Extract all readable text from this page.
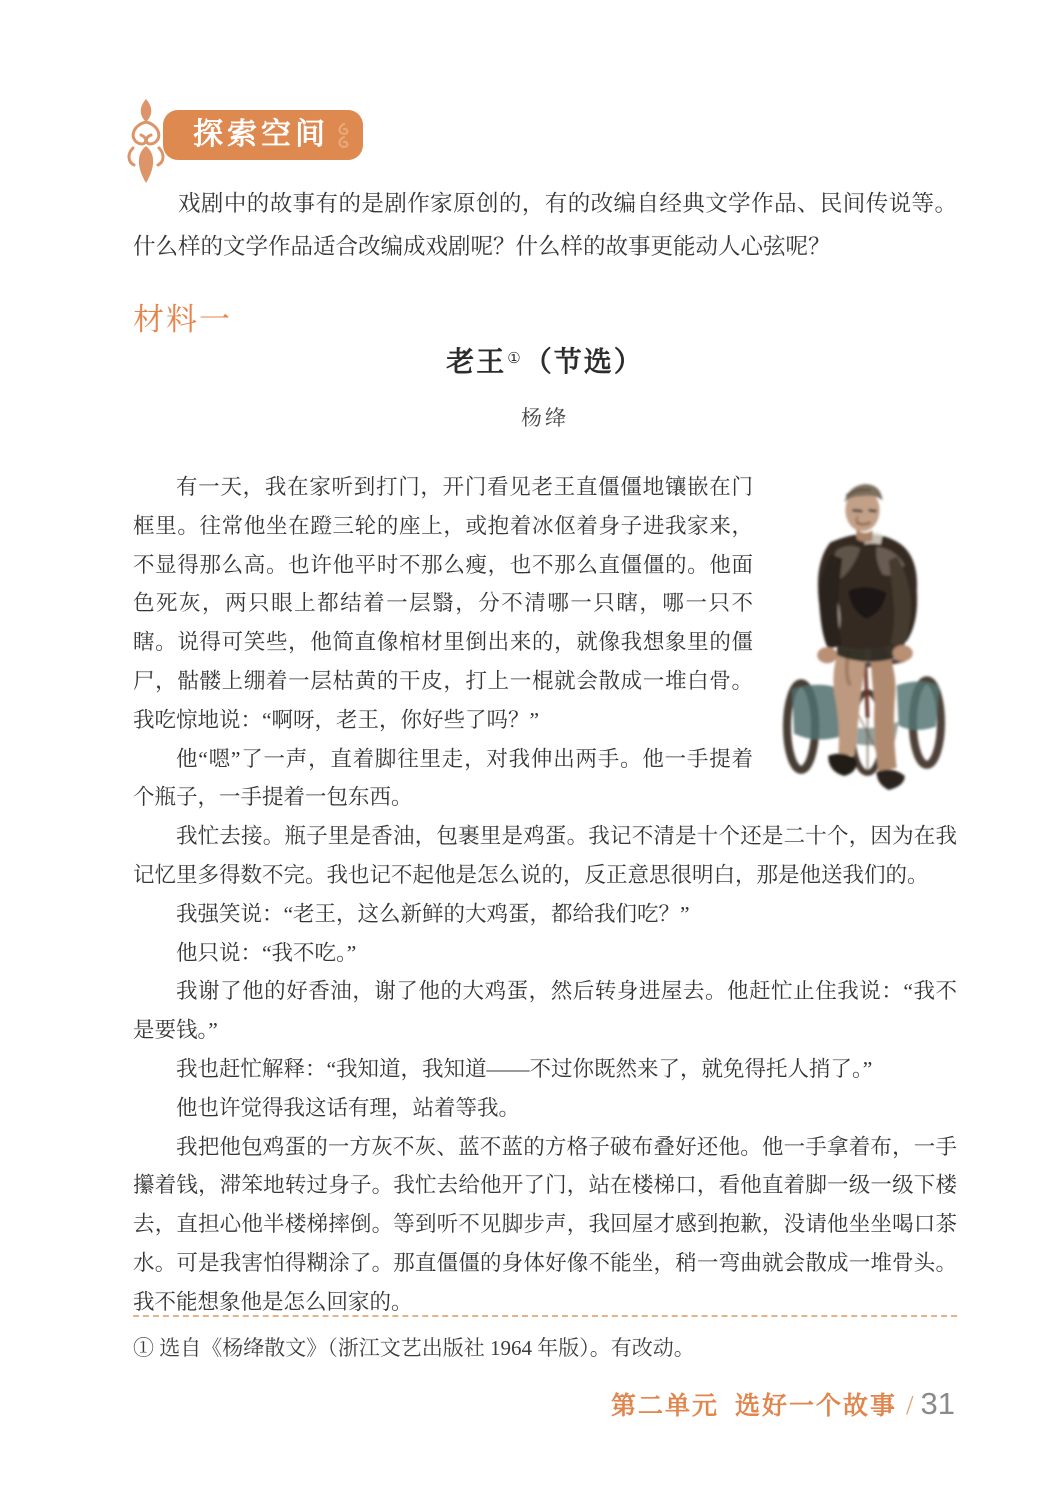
探索空间

戏剧中的故事有的是剧作家原创的，有的改编自经典文学作品、民间传说等。什么样的文学作品适合改编成戏剧呢？什么样的故事更能动人心弦呢？

材料一
老王①（节选）
杨绛

有一天，我在家听到打门，开门看见老王直僵僵地镶嵌在门框里。往常他坐在蹬三轮的座上，或抱着冰伛着身子进我家来，不显得那么高。也许他平时不那么瘦，也不那么直僵僵的。他面色死灰，两只眼上都结着一层翳，分不清哪一只瞎，哪一只不瞎。说得可笑些，他简直像棺材里倒出来的，就像我想象里的僵尸，骷髅上绷着一层枯黄的干皮，打上一棍就会散成一堆白骨。我吃惊地说：“啊呀，老王，你好些了吗？”

他“嗯”了一声，直着脚往里走，对我伸出两手。他一手提着个瓶子，一手提着一包东西。

我忙去接。瓶子里是香油，包裹里是鸡蛋。我记不清是十个还是二十个，因为在我记忆里多得数不完。我也记不起他是怎么说的，反正意思很明白，那是他送我们的。

我强笑说：“老王，这么新鲜的大鸡蛋，都给我们吃？”

他只说：“我不吃。”

我谢了他的好香油，谢了他的大鸡蛋，然后转身进屋去。他赶忙止住我说：“我不是要钱。”

我也赶忙解释：“我知道，我知道——不过你既然来了，就免得托人捎了。”

他也许觉得我这话有理，站着等我。

我把他包鸡蛋的一方灰不灰、蓝不蓝的方格子破布叠好还他。他一手拿着布，一手攥着钱，滞笨地转过身子。我忙去给他开了门，站在楼梯口，看他直着脚一级一级下楼去，直担心他半楼梯摔倒。等到听不见脚步声，我回屋才感到抱歉，没请他坐坐喝口茶水。可是我害怕得糊涂了。那直僵僵的身体好像不能坐，稍一弯曲就会散成一堆骨头。我不能想象他是怎么回家的。

① 选自《杨绛散文》（浙江文艺出版社 1964 年版）。有改动。
第二单元 选好一个故事 / 31
